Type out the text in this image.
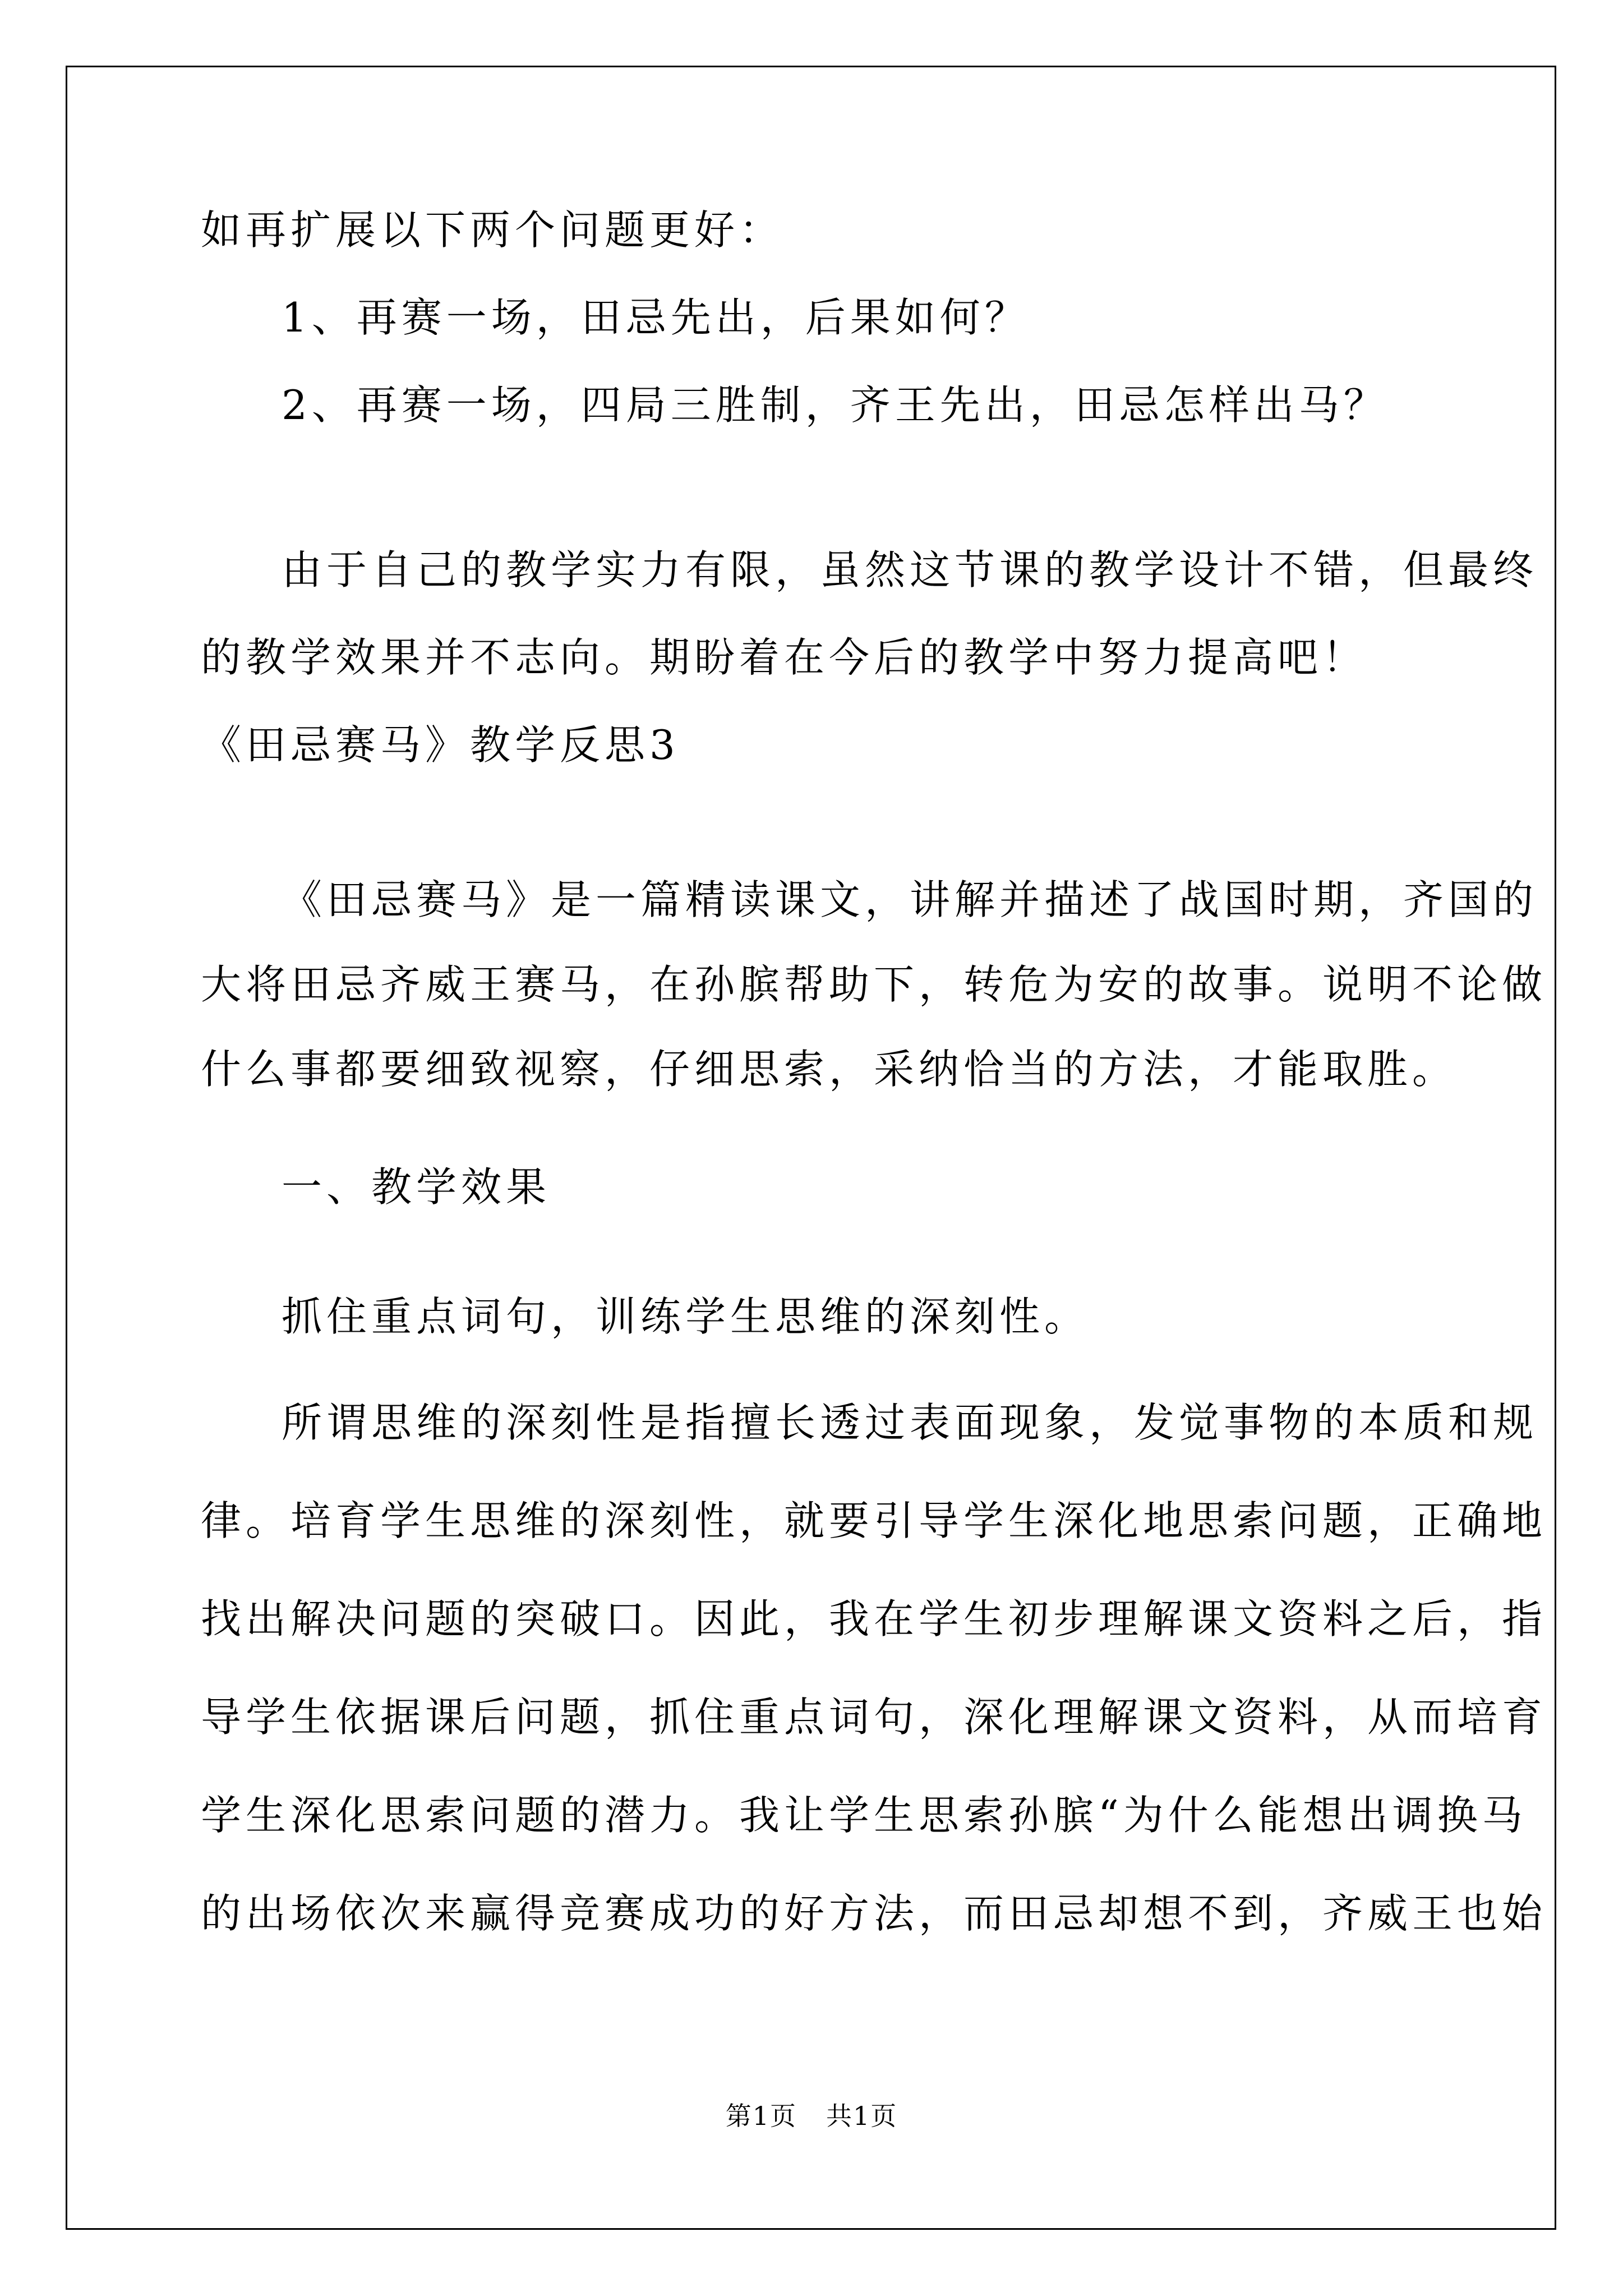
如再扩展以下两个问题更好：
1、再赛一场，田忌先出，后果如何？
2、再赛一场，四局三胜制，齐王先出，田忌怎样出马？
由于自己的教学实力有限，虽然这节课的教学设计不错，但最终
的教学效果并不志向。期盼着在今后的教学中努力提高吧！
《田忌赛马》教学反思3
《田忌赛马》是一篇精读课文，讲解并描述了战国时期，齐国的
大将田忌齐威王赛马，在孙膑帮助下，转危为安的故事。说明不论做
什么事都要细致视察，仔细思索，采纳恰当的方法，才能取胜。
一、教学效果
抓住重点词句，训练学生思维的深刻性。
所谓思维的深刻性是指擅长透过表面现象，发觉事物的本质和规
律。培育学生思维的深刻性，就要引导学生深化地思索问题，正确地
找出解决问题的突破口。因此，我在学生初步理解课文资料之后，指
导学生依据课后问题，抓住重点词句，深化理解课文资料，从而培育
学生深化思索问题的潜力。我让学生思索孙膑“为什么能想出调换马
的出场依次来赢得竞赛成功的好方法，而田忌却想不到，齐威王也始
第1页 共1页
